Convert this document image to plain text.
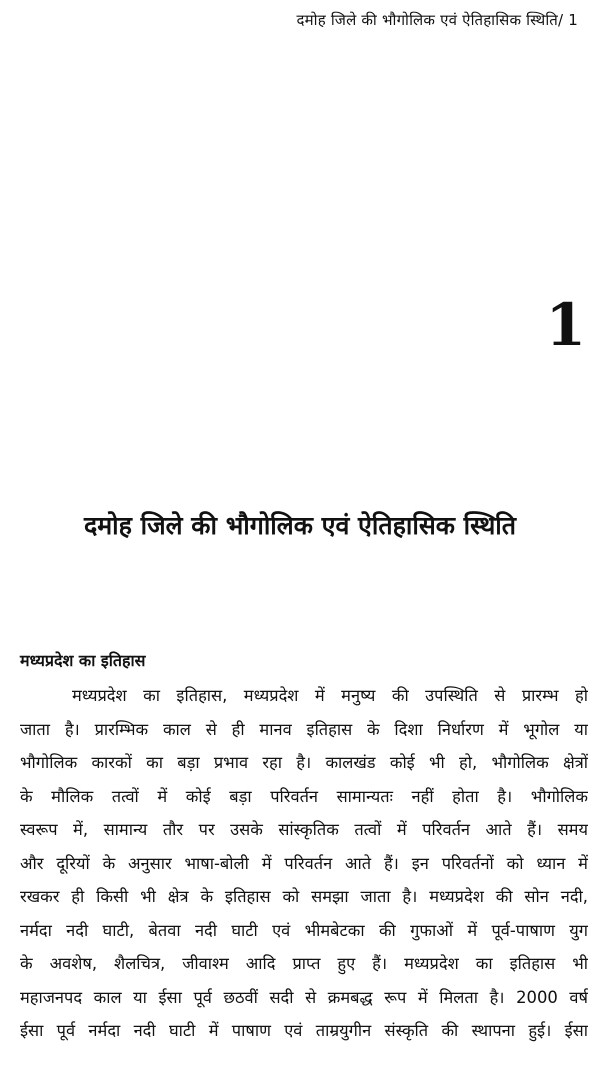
दमोह जिले की भौगोलिक एवं ऐतिहासिक स्थिति/ 1
1
दमोह जिले की भौगोलिक एवं ऐतिहासिक स्थिति
मध्यप्रदेश का इतिहास
मध्यप्रदेश का इतिहास, मध्यप्रदेश में मनुष्य की उपस्थिति से प्रारम्भ हो
जाता है। प्रारम्भिक काल से ही मानव इतिहास के दिशा निर्धारण में भूगोल या
भौगोलिक कारकों का बड़ा प्रभाव रहा है। कालखंड कोई भी हो, भौगोलिक क्षेत्रों
के मौलिक तत्वों में कोई बड़ा परिवर्तन सामान्यतः नहीं होता है। भौगोलिक
स्वरूप में, सामान्य तौर पर उसके सांस्कृतिक तत्वों में परिवर्तन आते हैं। समय
और दूरियों के अनुसार भाषा-बोली में परिवर्तन आते हैं। इन परिवर्तनों को ध्यान में
रखकर ही किसी भी क्षेत्र के इतिहास को समझा जाता है। मध्यप्रदेश की सोन नदी,
नर्मदा नदी घाटी, बेतवा नदी घाटी एवं भीमबेटका की गुफाओं में पूर्व-पाषाण युग
के अवशेष, शैलचित्र, जीवाश्म आदि प्राप्त हुए हैं। मध्यप्रदेश का इतिहास भी
महाजनपद काल या ईसा पूर्व छठवीं सदी से क्रमबद्ध रूप में मिलता है। 2000 वर्ष
ईसा पूर्व नर्मदा नदी घाटी में पाषाण एवं ताम्रयुगीन संस्कृति की स्थापना हुई। ईसा
